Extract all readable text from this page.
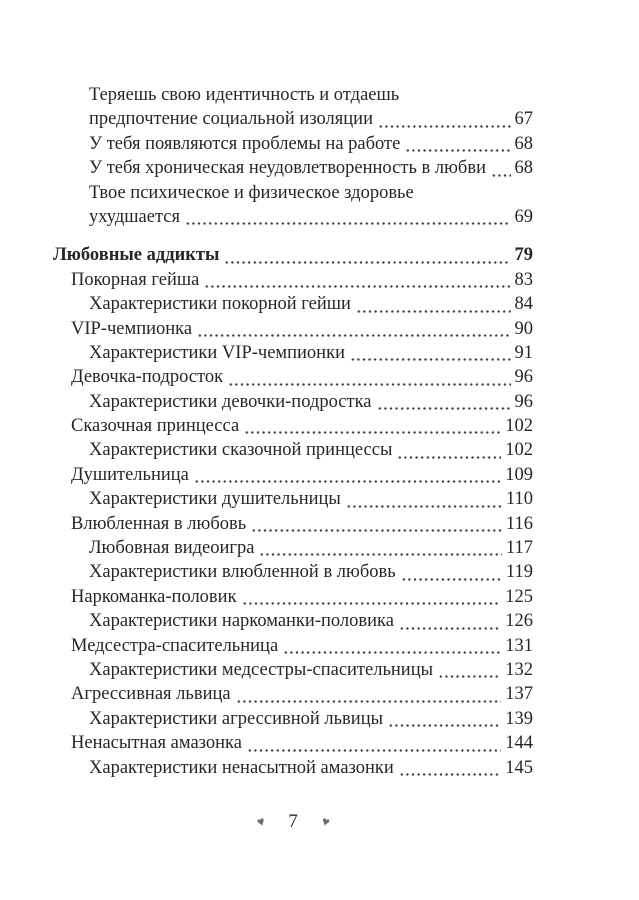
Теряешь свою идентичность и отдаешь
предпочтение социальной изоляции	67
У тебя появляются проблемы на работе	68
У тебя хроническая неудовлетворенность в любви 68
Твое психическое и физическое здоровье
ухудшается	69
Любовные аддикты	79
Покорная гейша	83
Характеристики покорной гейши	84
VIP-чемпионка	90
Характеристики VIP-чемпионки	91
Девочка-подросток	96
Характеристики девочки-подростка	96
Сказочная принцесса	102
Характеристики сказочной принцессы	102
Душительница	109
Характеристики душительницы	110
Влюбленная в любовь	116
Любовная видеоигра	117
Характеристики влюбленной в любовь	119
Наркоманка-половик	125
Характеристики наркоманки-половика	126
Медсестра-спасительница	131
Характеристики медсестры-спасительницы	132
Агрессивная львица	137
Характеристики агрессивной львицы	139
Ненасытная амазонка	144
Характеристики ненасытной амазонки	145
♥ 7 ♥
